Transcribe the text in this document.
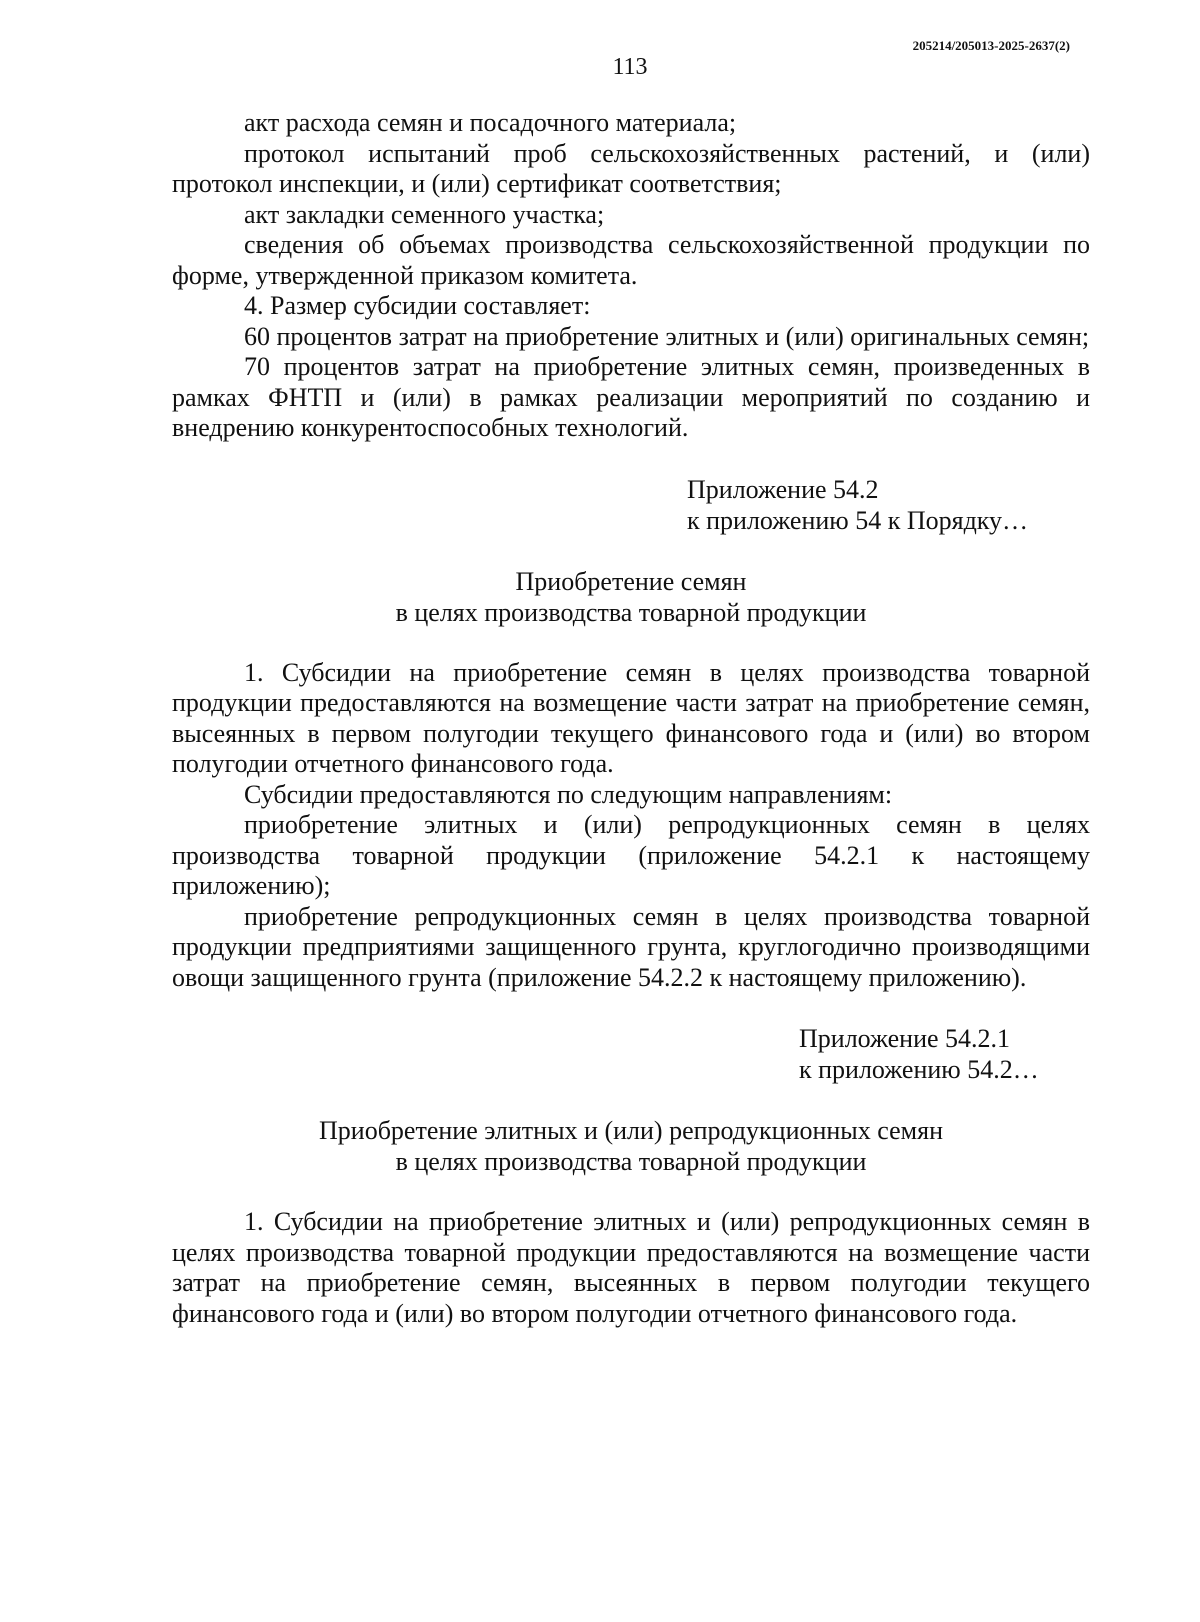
205214/205013-2025-2637(2)
113

акт расхода семян и посадочного материала;

протокол испытаний проб сельскохозяйственных растений, и (или) протокол инспекции, и (или) сертификат соответствия;

акт закладки семенного участка;

сведения об объемах производства сельскохозяйственной продукции по форме, утвержденной приказом комитета.

4. Размер субсидии составляет:

60 процентов затрат на приобретение элитных и (или) оригинальных семян;

70 процентов затрат на приобретение элитных семян, произведенных в рамках ФНТП и (или) в рамках реализации мероприятий по созданию и внедрению конкурентоспособных технологий.

Приложение 54.2
к приложению 54 к Порядку…
Приобретение семян
в целях производства товарной продукции

1. Субсидии на приобретение семян в целях производства товарной продукции предоставляются на возмещение части затрат на приобретение семян, высеянных в первом полугодии текущего финансового года и (или) во втором полугодии отчетного финансового года.

Субсидии предоставляются по следующим направлениям:

приобретение элитных и (или) репродукционных семян в целях производства товарной продукции (приложение 54.2.1 к настоящему приложению);

приобретение репродукционных семян в целях производства товарной продукции предприятиями защищенного грунта, круглогодично производящими овощи защищенного грунта (приложение 54.2.2 к настоящему приложению).

Приложение 54.2.1
к приложению 54.2…
Приобретение элитных и (или) репродукционных семян
в целях производства товарной продукции

1. Субсидии на приобретение элитных и (или) репродукционных семян в целях производства товарной продукции предоставляются на возмещение части затрат на приобретение семян, высеянных в первом полугодии текущего финансового года и (или) во втором полугодии отчетного финансового года.
